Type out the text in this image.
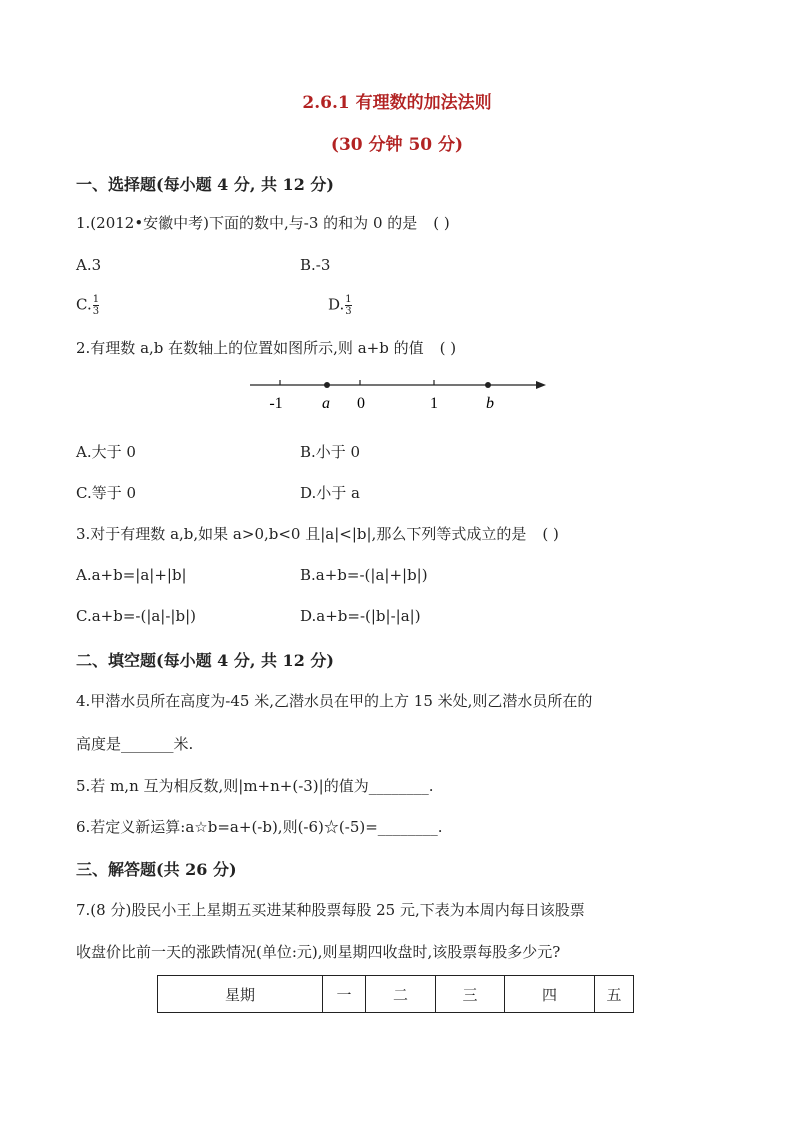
2.6.1 有理数的加法法则
(30 分钟 50 分)
一、选择题(每小题 4 分, 共 12 分)
1.(2012•安徽中考)下面的数中,与-3 的和为 0 的是 ( )
A.3	B.-3
$C.\frac{1}{3}$	$D.\frac{1}{3}$
2.有理数 a,b 在数轴上的位置如图所示,则 a+b 的值 ( )
-1 a 0	1	b
A.大于 0	B.小于 0
C.等于 0	D.小于 a
3.对于有理数 a,b,如果 a>0,b<0 且|a|<|b|,那么下列等式成立的是 ( )
A.a+b=|a|+|b|	B.a+b=-(|a|+|b|)
C.a+b=-(|a|-|b|)	D.a+b=-(|b|-|a|)
二、填空题(每小题 4 分, 共 12 分)
4.甲潜水员所在高度为-45 米,乙潜水员在甲的上方 15 米处,则乙潜水员所在的
高度是_______米.
5.若 m,n 互为相反数,则|m+n+(-3)|的值为________.
6.若定义新运算:a☆b=a+(-b),则(-6)☆(-5)=________.
三、解答题(共 26 分)
7.(8 分)股民小王上星期五买进某种股票每股 25 元,下表为本周内每日该股票
收盘价比前一天的涨跌情况(单位:元),则星期四收盘时,该股票每股多少元?
星期	一	二	三	四	五
